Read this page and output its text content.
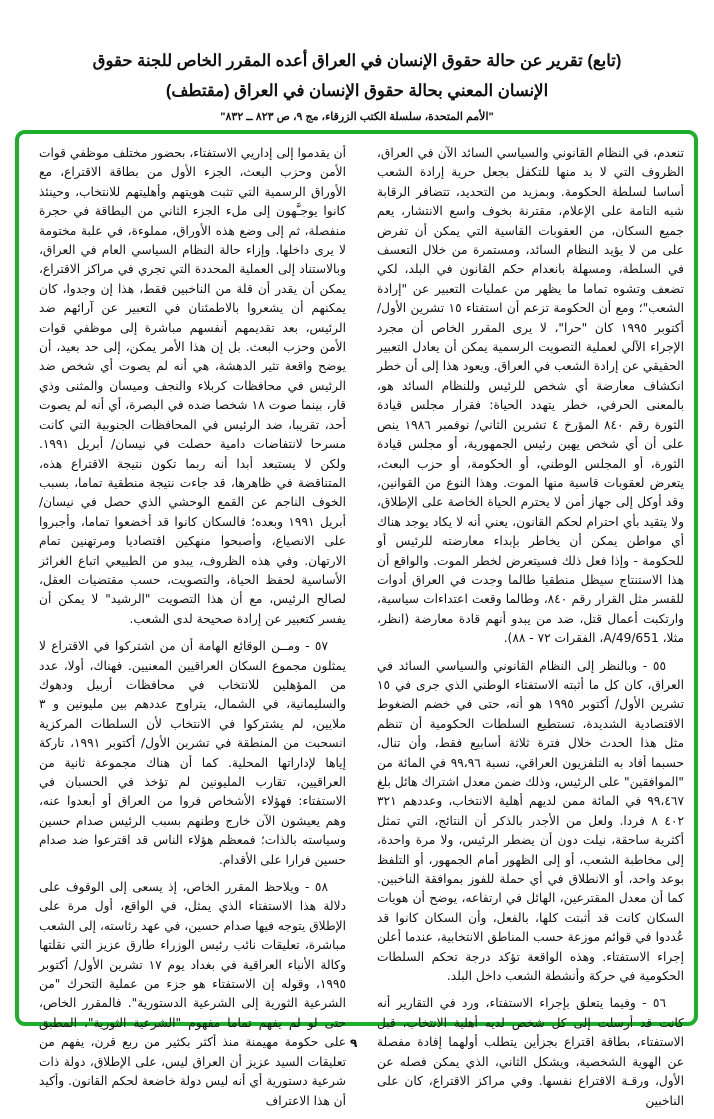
(تابع) تقرير عن حالة حقوق الإنسان في العراق أعده المقرر الخاص للجنة حقوق الإنسان المعني بحالة حقوق الإنسان في العراق (مقتطف)
"الأمم المتحدة، سلسلة الكتب الزرقاء، مج ٩، ص ٨٢٣ ــ ٨٣٢"

تنعدم، في النظام القانوني والسياسي السائد الآن في العراق، الظروف التي لا بد منها للتكفل بجعل حرية إرادة الشعب أساسا لسلطة الحكومة. وبمزيد من التحديد، تتضافر الرقابة شبه التامة على الإعلام، مقترنة بخوف واسع الانتشار، يعم جميع السكان، من العقوبات القاسية التي يمكن أن تفرض على من لا يؤيد النظام السائد، ومستمرة من خلال التعسف في السلطة، ومسهلة بانعدام حكم القانون في البلد، لكي تضعف وتشوه تماما ما يظهر من عمليات التعبير عن "إرادة الشعب"؛ ومع أن الحكومة تزعم أن استفتاء ١٥ تشرين الأول/ أكتوبر ١٩٩٥ كان "حرا"، لا يرى المقرر الخاص أن مجرد الإجراء الآلي لعملية التصويت الرسمية يمكن أن يعادل التعبير الحقيقي عن إرادة الشعب في العراق. ويعود هذا إلى أن خطر انكشاف معارضة أي شخص للرئيس وللنظام السائد هو، بالمعنى الحرفي، خطر يتهدد الحياة: فقرار مجلس قيادة الثورة رقم ٨٤٠ المؤرخ ٤ تشرين الثاني/ نوفمبر ١٩٨٦ ينص على أن أي شخص يهين رئيس الجمهورية، أو مجلس قيادة الثورة، أو المجلس الوطني، أو الحكومة، أو حزب البعث، يتعرض لعقوبات قاسية منها الموت. وهذا النوع من القوانين، وقد أوكل إلى جهاز أمن لا يحترم الحياة الخاصة على الإطلاق، ولا يتقيد بأي احترام لحكم القانون، يعني أنه لا يكاد يوجد هناك أي مواطن يمكن أن يخاطر بإبداء معارضته للرئيس أو للحكومة - وإذا فعل ذلك فسيتعرض لخطر الموت. والواقع أن هذا الاستنتاج سيظل منطقيا طالما وجدت في العراق أدوات للقسر مثل القرار رقم ٨٤٠، وطالما وقعت اعتداءات سياسية، وارتكبت أعمال قتل، ضد من يبدو أنهم قادة معارضة (انظر، مثلا، A/49/651، الفقرات ٧٢ - ٨٨).

٥٥ - وبالنظر إلى النظام القانوني والسياسي السائد في العراق، كان كل ما أثبته الاستفتاء الوطني الذي جرى في ١٥ تشرين الأول/ أكتوبر ١٩٩٥ هو أنه، حتى في خضم الضغوط الاقتصادية الشديدة، تستطيع السلطات الحكومية أن تنظم مثل هذا الحدث خلال فترة ثلاثة أسابيع فقط، وأن تنال، حسبما أفاد به التلفزيون العراقي، نسبة ٩٩،٩٦ في المائة من "الموافقين" على الرئيس، وذلك ضمن معدل اشتراك هائل بلغ ٩٩،٤٦٧ في المائة ممن لديهم أهلية الانتخاب، وعددهم ٣٢١ ٤٠٢ ٨ فردا. ولعل من الأجدر بالذكر أن النتائج، التي تمثل أكثرية ساحقة، نيلت دون أن يضطر الرئيس، ولا مرة واحدة، إلى مخاطبة الشعب، أو إلى الظهور أمام الجمهور، أو التلفظ بوعد واحد، أو الانطلاق في أي حملة للفوز بموافقة الناخبين. كما أن معدل المقترعين، الهائل في ارتفاعه، يوضح أن هويات السكان كانت قد أثبتت كلها، بالفعل، وأن السكان كانوا قد عُددوا في قوائم موزعة حسب المناطق الانتخابية، عندما أعلن إجراء الاستفتاء. وهذه الواقعة تؤكد درجة تحكم السلطات الحكومية في حركة وأنشطة الشعب داخل البلد.

٥٦ - وفيما يتعلق بإجراء الاستفتاء، ورد في التقارير أنه كانت قد أرسلت إلى كل شخص لديه أهلية الانتخاب، قبل الاستفتاء، بطاقة اقتراع بجزأين يتطلب أولهما إفادة مفصلة عن الهوية الشخصية، ويشكل الثاني، الذي يمكن فصله عن الأول، ورقـة الاقتراع نفسها. وفي مراكز الاقتراع، كان على الناخبين

أن يقدموا إلى إداريي الاستفتاء، بحضور مختلف موظفي قوات الأمن وحزب البعث، الجزء الأول من بطاقة الاقتراع، مع الأوراق الرسمية التي تثبت هويتهم وأهليتهم للانتخاب، وحينئذ كانوا يوجـَّهون إلى ملء الجزء الثاني من البطاقة في حجرة منفصلة، ثم إلى وضع هذه الأوراق، مملوءة، في علبة مختومة لا يرى داخلها. وإزاء حالة النظام السياسي العام في العراق، وبالاستناد إلى العملية المحددة التي تجري في مراكز الاقتراع، يمكن أن يقدر أن قلة من الناخبين فقط، هذا إن وجدوا، كان يمكنهم أن يشعروا بالاطمئنان في التعبير عن آرائهم ضد الرئيس، بعد تقديمهم أنفسهم مباشرة إلى موظفي قوات الأمن وحزب البعث. بل إن هذا الأمر يمكن، إلى حد بعيد، أن يوضح واقعة تثير الدهشة، هي أنه لم يصوت أي شخص ضد الرئيس في محافظات كربلاء والنجف وميسان والمثنى وذي قار، بينما صوت ١٨ شخصا ضده في البصرة، أي أنه لم يصوت أحد، تقريبا، ضد الرئيس في المحافظات الجنوبية التي كانت مسرحا لانتفاضات دامية حصلت في نيسان/ أبريل ١٩٩١. ولكن لا يستبعد أبدا أنه ربما تكون نتيجة الاقتراع هذه، المتناقضة في ظاهرها، قد جاءت نتيجة منطقية تماما، بسبب الخوف الناجم عن القمع الوحشي الذي حصل في نيسان/ أبريل ١٩٩١ وبعده؛ فالسكان كانوا قد أخضعوا تماما، وأجبروا على الانصياع، وأصبحوا منهكين اقتصاديا ومرتهنين تمام الارتهان. وفي هذه الظروف، يبدو من الطبيعي اتباع الغرائز الأساسية لحفظ الحياة، والتصويت، حسب مقتضيات العقل، لصالح الرئيس، مع أن هذا التصويت "الرشيد" لا يمكن أن يفسر كتعبير عن إرادة صحيحة لدى الشعب.

٥٧ - ومــن الوقائع الهامة أن من اشتركوا في الاقتراع لا يمثلون مجموع السكان العراقيين المعنيين. فهناك، أولا، عدد من المؤهلين للانتخاب في محافظات أربيل ودهوك والسليمانية، في الشمال، يتراوح عددهم بين مليونين و ٣ ملايين، لم يشتركوا في الانتخاب لأن السلطات المركزية انسحبت من المنطقة في تشرين الأول/ أكتوبر ١٩٩١، تاركة إياها لإداراتها المحلية. كما أن هناك مجموعة ثانية من العراقيين، تقارب المليونين لم تؤخذ في الحسبان في الاستفتاء: فهؤلاء الأشخاص فروا من العراق أو أبعدوا عنه، وهم يعيشون الآن خارج وطنهم بسبب الرئيس صدام حسين وسياسته بالذات؛ فمعظم هؤلاء الناس قد اقترعوا ضد صدام حسين فرارا على الأقدام.

٥٨ - ويلاحظ المقرر الخاص، إذ يسعى إلى الوقوف على دلالة هذا الاستفتاء الذي يمثل، في الواقع، أول مرة على الإطلاق يتوجه فيها صدام حسين، في عهد رئاسته، إلى الشعب مباشرة، تعليقات نائب رئيس الوزراء طارق عزيز التي نقلتها وكالة الأنباء العراقية في بغداد يوم ١٧ تشرين الأول/ أكتوبر ١٩٩٥، وقوله إن الاستفتاء هو جزء من عملية التحرك "من الشرعية الثورية إلى الشرعية الدستورية". فالمقرر الخاص، حتى لو لم يفهم تماما مفهوم "الشرعية الثورية"، المطبق على حكومة مهيمنة منذ أكثر بكثير من ربع قرن، يفهم من تعليقات السيد عزيز أن العراق ليس، على الإطلاق، دولة ذات شرعية دستورية أي أنه ليس دولة خاضعة لحكم القانون. وأكيد أن هذا الاعتراف

٩
